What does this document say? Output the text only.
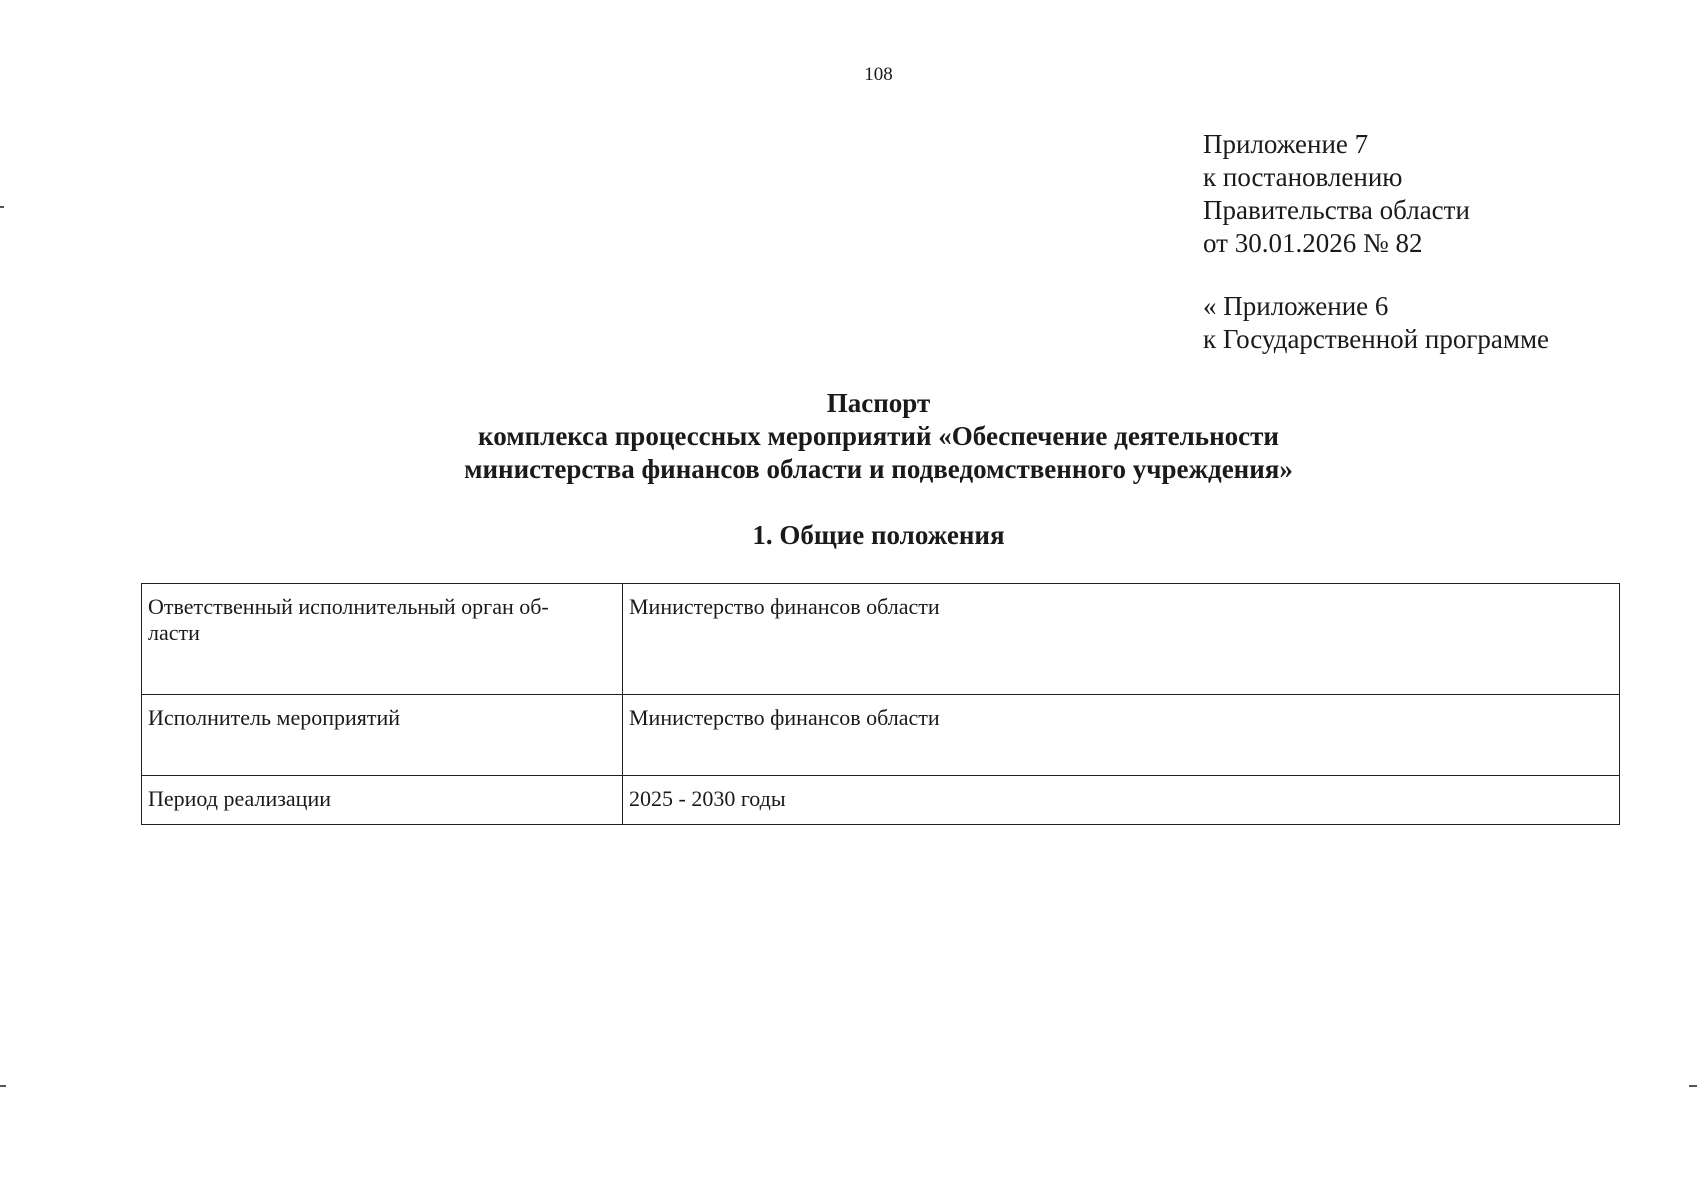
108
Приложение 7
к постановлению
Правительства области
от 30.01.2026 № 82
« Приложение 6
к Государственной программе
Паспорт
комплекса процессных мероприятий «Обеспечение деятельности
министерства финансов области и подведомственного учреждения»
1. Общие положения
Ответственный исполнительный орган об-
ласти	Министерство финансов области
Исполнитель мероприятий	Министерство финансов области
Период реализации	2025 - 2030 годы
